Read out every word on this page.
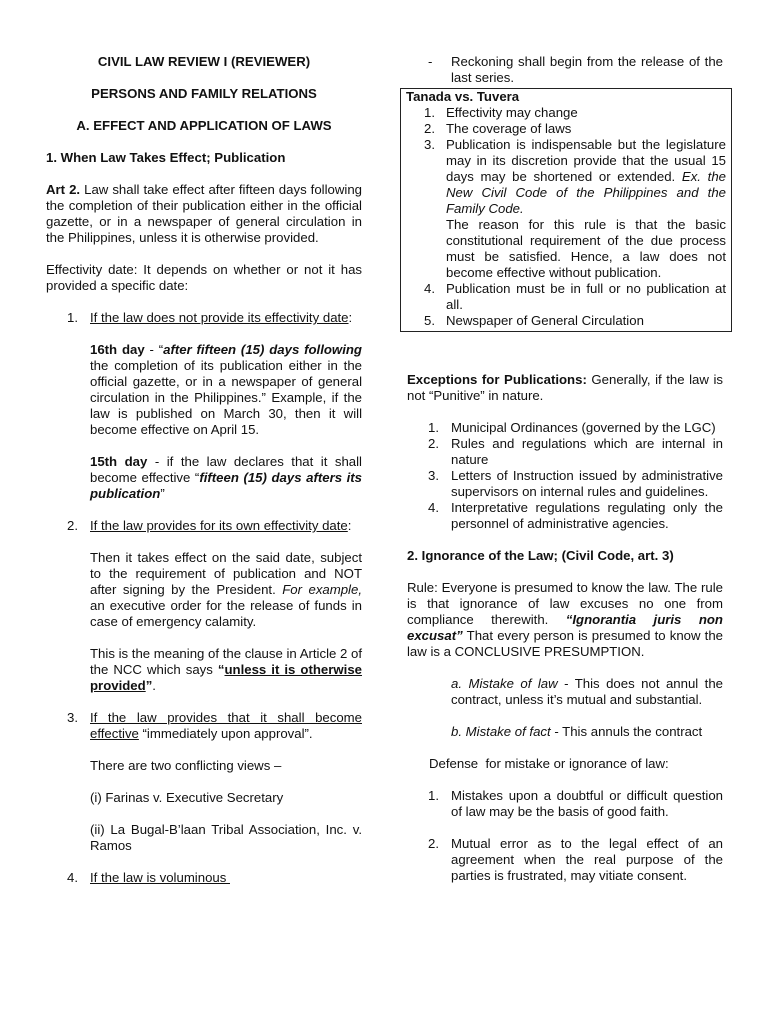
CIVIL LAW REVIEW I (REVIEWER)

PERSONS AND FAMILY RELATIONS

A. EFFECT AND APPLICATION OF LAWS

1. When Law Takes Effect; Publication

Art 2. Law shall take effect after fifteen days following the completion of their publication either in the official gazette, or in a newspaper of general circulation in the Philippines, unless it is otherwise provided.

Effectivity date: It depends on whether or not it has provided a specific date:

1. If the law does not provide its effectivity date:

16th day - “after fifteen (15) days following the completion of its publication either in the official gazette, or in a newspaper of general circulation in the Philippines.” Example, if the law is published on March 30, then it will become effective on April 15.

15th day - if the law declares that it shall become effective “fifteen (15) days afters its publication”

2. If the law provides for its own effectivity date:

Then it takes effect on the said date, subject to the requirement of publication and NOT after signing by the President. For example, an executive order for the release of funds in case of emergency calamity.

This is the meaning of the clause in Article 2 of the NCC which says “unless it is otherwise provided”.

3. If the law provides that it shall become effective “immediately upon approval”.

There are two conflicting views –

(i) Farinas v. Executive Secretary

(ii) La Bugal-B’laan Tribal Association, Inc. v. Ramos

4. If the law is voluminous

- Reckoning shall begin from the release of the last series.

Tanada vs. Tuvera

1. Effectivity may change

2. The coverage of laws

3. Publication is indispensable but the legislature may in its discretion provide that the usual 15 days may be shortened or extended. Ex. the New Civil Code of the Philippines and the Family Code.

The reason for this rule is that the basic constitutional requirement of the due process must be satisfied. Hence, a law does not become effective without publication.

4. Publication must be in full or no publication at all.

5. Newspaper of General Circulation

Exceptions for Publications: Generally, if the law is not “Punitive” in nature.

1. Municipal Ordinances (governed by the LGC)

2. Rules and regulations which are internal in nature

3. Letters of Instruction issued by administrative supervisors on internal rules and guidelines.

4. Interpretative regulations regulating only the personnel of administrative agencies.

2. Ignorance of the Law; (Civil Code, art. 3)

Rule: Everyone is presumed to know the law. The rule is that ignorance of law excuses no one from compliance therewith. “Ignorantia juris non excusat” That every person is presumed to know the law is a CONCLUSIVE PRESUMPTION.

a. Mistake of law - This does not annul the contract, unless it’s mutual and substantial.

b. Mistake of fact - This annuls the contract

Defense  for mistake or ignorance of law:

1. Mistakes upon a doubtful or difficult question of law may be the basis of good faith.

2. Mutual error as to the legal effect of an agreement when the real purpose of the parties is frustrated, may vitiate consent.
